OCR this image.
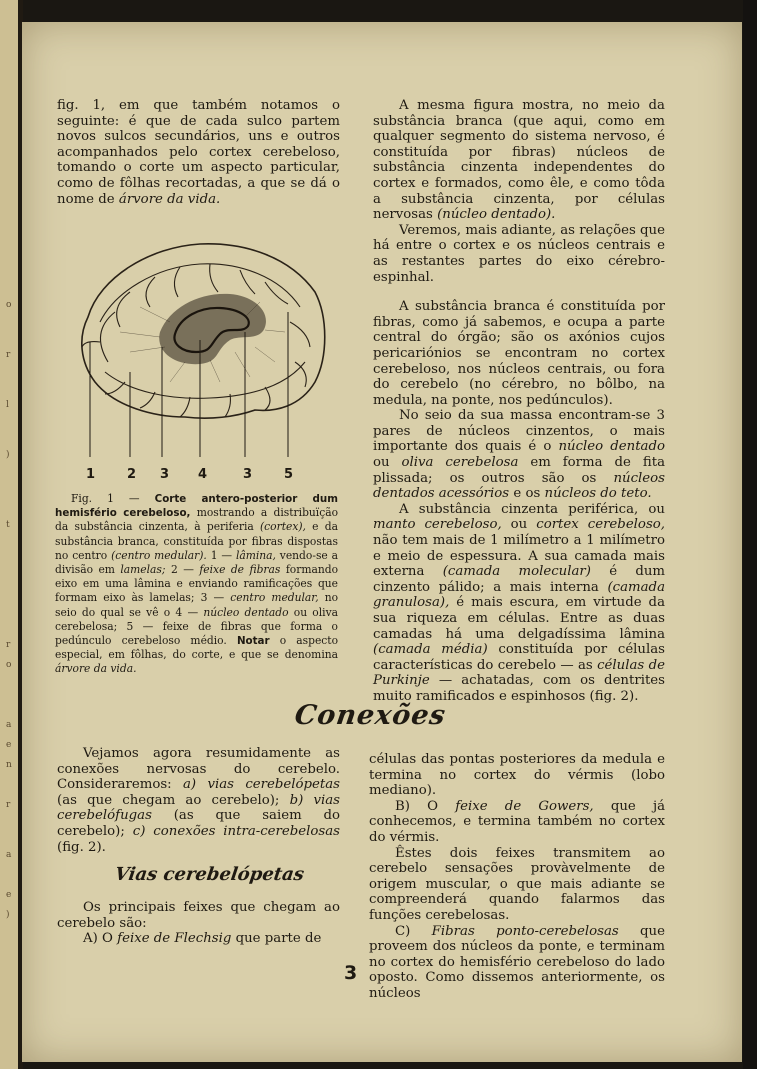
o
r
l
)
t
r
o
a
e
n
r
a
e
)

fig. 1, em que também notamos o seguinte: é que de cada sulco partem novos sulcos secundários, uns e outros acompanhados pelo cortex cerebeloso, tomando o corte um aspecto particular, como de fôlhas recortadas, a que se dá o nome de árvore da vida.

1 2 3 4	3 5

Fig. 1 — Corte antero-posterior dum hemisfério cerebeloso, mostrando a distribuïção da substância cinzenta, à periferia (cortex), e da substância branca, constituída por fibras dispostas no centro (centro medular). 1 — lâmina, vendo-se a divisão em lamelas; 2 — feixe de fibras formando eixo em uma lâmina e enviando ramificações que formam eixo às lamelas; 3 — centro medular, no seio do qual se vê o 4 — núcleo dentado ou oliva cerebelosa; 5 — feixe de fibras que forma o pedúnculo cerebeloso médio. Notar o aspecto especial, em fôlhas, do corte, e que se denomina árvore da vida.

A mesma figura mostra, no meio da substância branca (que aqui, como em qualquer segmento do sistema nervoso, é constituída por fibras) núcleos de substância cinzenta independentes do cortex e formados, como êle, e como tôda a substância cinzenta, por células nervosas (núcleo dentado).

Veremos, mais adiante, as relações que há entre o cortex e os núcleos centrais e as restantes partes do eixo cérebro-espinhal.

A substância branca é constituída por fibras, como já sabemos, e ocupa a parte central do órgão; são os axónios cujos pericariónios se encontram no cortex cerebeloso, nos núcleos centrais, ou fora do cerebelo (no cérebro, no bôlbo, na medula, na ponte, nos pedúnculos).

No seio da sua massa encontram-se 3 pares de núcleos cinzentos, o mais importante dos quais é o núcleo dentado ou oliva cerebelosa em forma de fita plissada; os outros são os núcleos dentados acessórios e os núcleos do teto.

A substância cinzenta periférica, ou manto cerebeloso, ou cortex cerebeloso, não tem mais de 1 milímetro a 1 milímetro e meio de espessura. A sua camada mais externa (camada molecular) é dum cinzento pálido; a mais interna (camada granulosa), é mais escura, em virtude da sua riqueza em células. Entre as duas camadas há uma delgadíssima lâmina (camada média) constituída por células características do cerebelo — as células de Purkinje — achatadas, com os dentrites muito ramificados e espinhosos (fig. 2).

Conexões

Vejamos agora resumidamente as conexões nervosas do cerebelo. Consideraremos: a) vias cerebelópetas (as que chegam ao cerebelo); b) vias cerebelófugas (as que saiem do cerebelo); c) conexões intra-cerebelosas (fig. 2).

Vias cerebelópetas

Os principais feixes que chegam ao cerebelo são:

A) O feixe de Flechsig que parte de

células das pontas posteriores da medula e termina no cortex do vérmis (lobo mediano).

B) O feixe de Gowers, que já conhecemos, e termina também no cortex do vérmis.

Êstes dois feixes transmitem ao cerebelo sensações provàvelmente de origem muscular, o que mais adiante se compreenderá quando falarmos das funções cerebelosas.

C) Fibras ponto-cerebelosas que proveem dos núcleos da ponte, e terminam no cortex do hemisfério cerebeloso do lado oposto. Como dissemos anteriormente, os núcleos

3
